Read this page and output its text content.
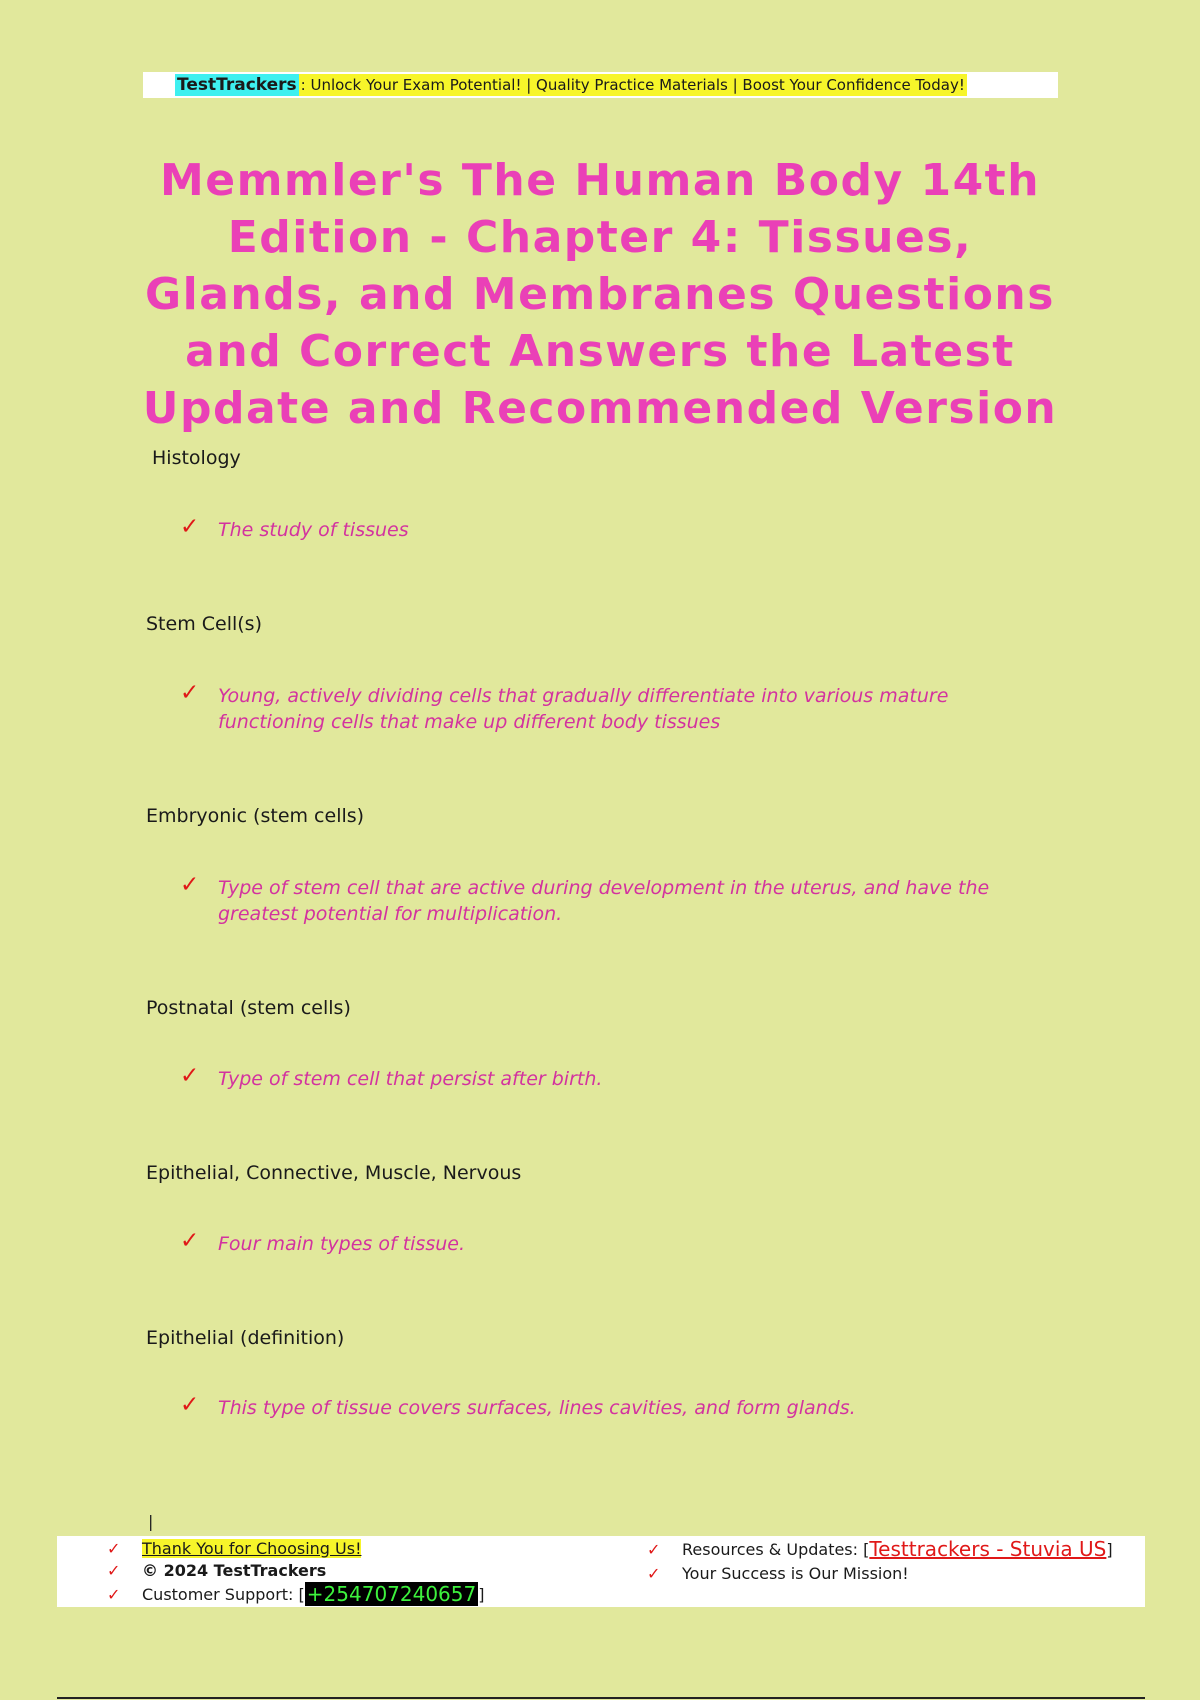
TestTrackers : Unlock Your Exam Potential! | Quality Practice Materials | Boost Your Confidence Today!
Memmler's The Human Body 14th Edition - Chapter 4: Tissues, Glands, and Membranes Questions and Correct Answers the Latest Update and Recommended Version
Histology
✓ The study of tissues
Stem Cell(s)
✓ Young, actively dividing cells that gradually differentiate into various mature functioning cells that make up different body tissues
Embryonic (stem cells)
✓ Type of stem cell that are active during development in the uterus, and have the greatest potential for multiplication.
Postnatal (stem cells)
✓ Type of stem cell that persist after birth.
Epithelial, Connective, Muscle, Nervous
✓ Four main types of tissue.
Epithelial (definition)
✓ This type of tissue covers surfaces, lines cavities, and form glands.
|
✓	Thank You for Choosing Us!
✓	© 2024 TestTrackers
✓	Customer Support: [ +254707240657 ]
✓	Resources & Updates: [ Testtrackers - Stuvia US ]
✓	Your Success is Our Mission!
